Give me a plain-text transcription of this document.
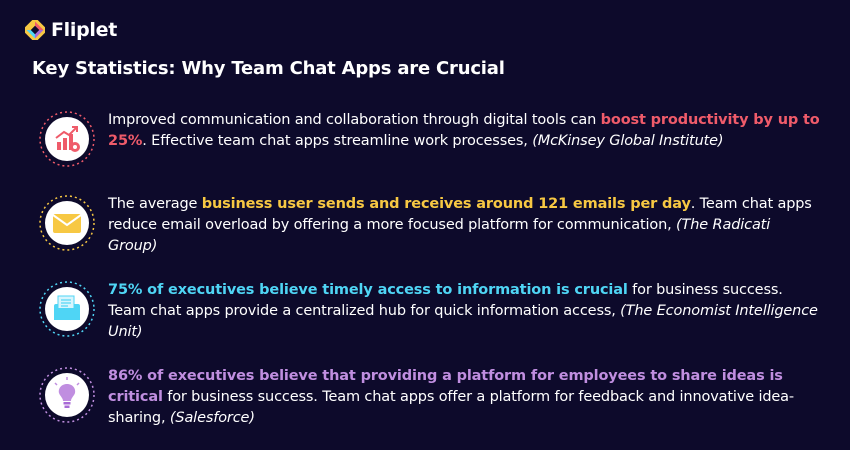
Fliplet
Key Statistics: Why Team Chat Apps are Crucial
Improved communication and collaboration through digital tools can boost productivity by up to 25%. Effective team chat apps streamline work processes, (McKinsey Global Institute)
The average business user sends and receives around 121 emails per day. Team chat apps reduce email overload by offering a more focused platform for communication, (The Radicati Group)
75% of executives believe timely access to information is crucial for business success. Team chat apps provide a centralized hub for quick information access, (The Economist Intelligence Unit)
86% of executives believe that providing a platform for employees to share ideas is critical for business success. Team chat apps offer a platform for feedback and innovative idea-sharing, (Salesforce)
